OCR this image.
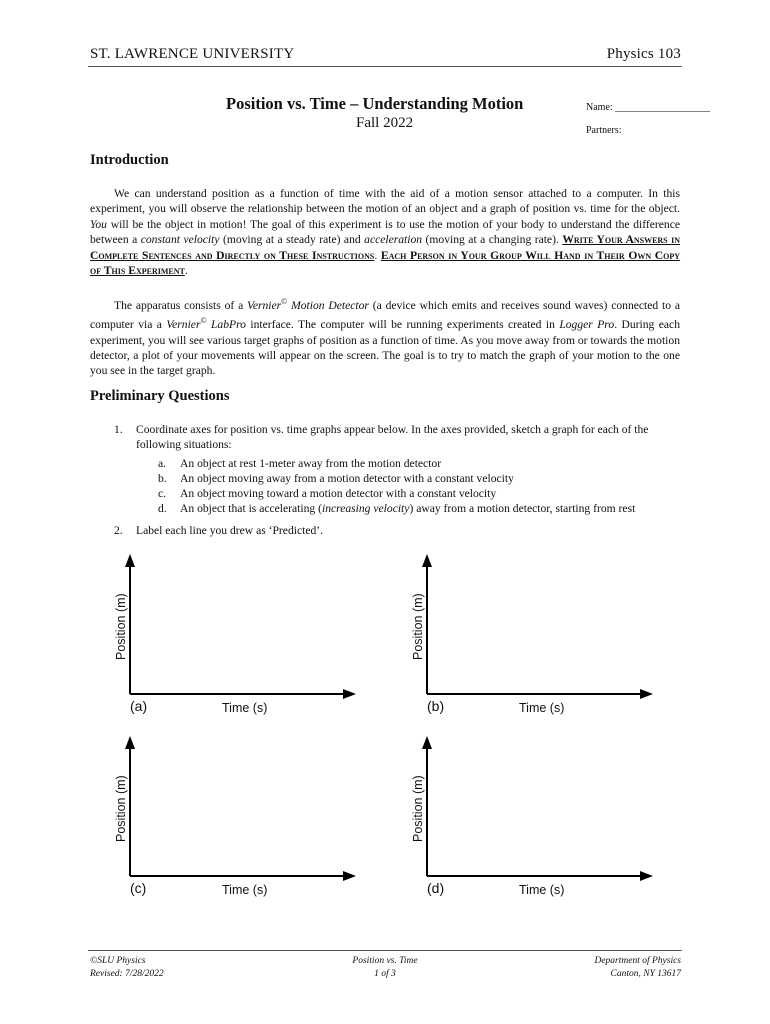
ST. LAWRENCE UNIVERSITY	Physics 103
Position vs. Time – Understanding Motion
Fall 2022
Name: ___________________
Partners:
Introduction

We can understand position as a function of time with the aid of a motion sensor attached to a computer. In this experiment, you will observe the relationship between the motion of an object and a graph of position vs. time for the object. You will be the object in motion! The goal of this experiment is to use the motion of your body to understand the difference between a constant velocity (moving at a steady rate) and acceleration (moving at a changing rate). Write Your Answers in Complete Sentences and Directly on These Instructions. Each Person in Your Group Will Hand in Their Own Copy of This Experiment.

The apparatus consists of a Vernier© Motion Detector (a device which emits and receives sound waves) connected to a computer via a Vernier© LabPro interface. The computer will be running experiments created in Logger Pro. During each experiment, you will see various target graphs of position as a function of time. As you move away from or towards the motion detector, a plot of your movements will appear on the screen. The goal is to try to match the graph of your motion to the one you see in the target graph.

Preliminary Questions
1. Coordinate axes for position vs. time graphs appear below. In the axes provided, sketch a graph for each of the following situations:
a. An object at rest 1-meter away from the motion detector
b. An object moving away from a motion detector with a constant velocity
c. An object moving toward a motion detector with a constant velocity
d. An object that is accelerating (increasing velocity) away from a motion detector, starting from rest
2. Label each line you drew as ‘Predicted’.
Position (m)
(a)	Time (s)
Position (m)
(b)	Time (s)
Position (m)
(c)	Time (s)
Position (m)
(d)	Time (s)
©SLU Physics
Revised: 7/28/2022
Position vs. Time
1 of 3
Department of Physics
Canton, NY 13617
